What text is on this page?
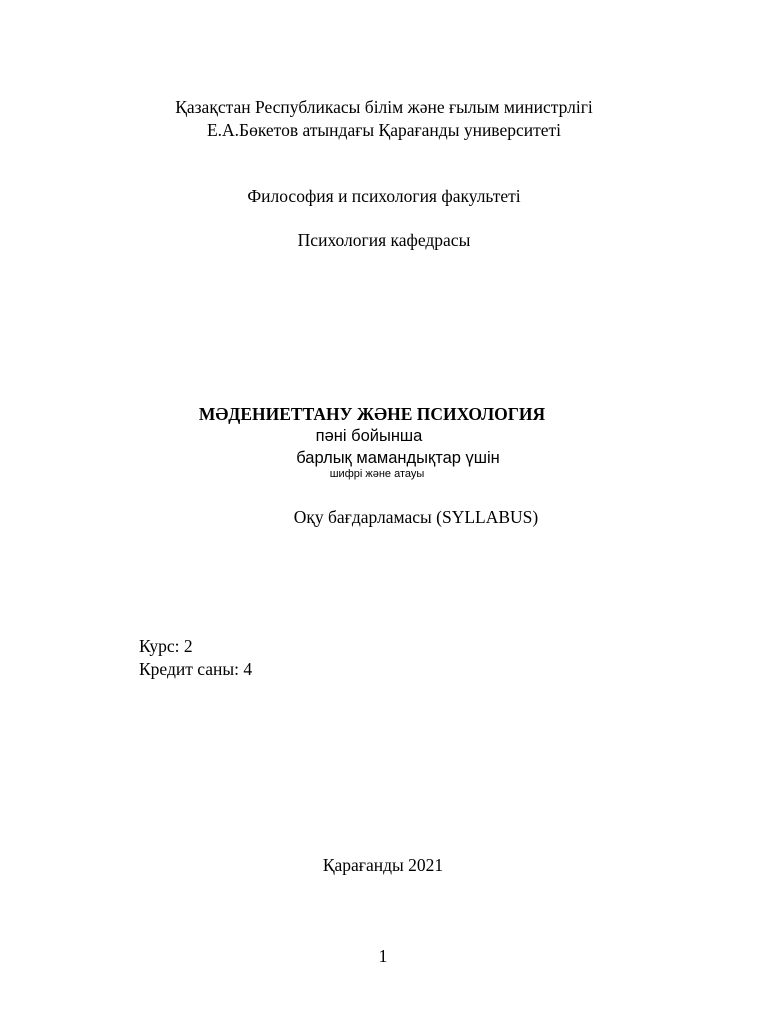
Қазақстан Республикасы білім және ғылым министрлігі
Е.А.Бөкетов атындағы Қарағанды университеті
Философия и психология факультеті
Психология кафедрасы
МӘДЕНИЕТТАНУ ЖӘНЕ ПСИХОЛОГИЯ
пәні бойынша
барлық мамандықтар үшін
шифрі және атауы
Оқу бағдарламасы (SYLLABUS)
Курс: 2
Кредит саны: 4
Қарағанды 2021
1
